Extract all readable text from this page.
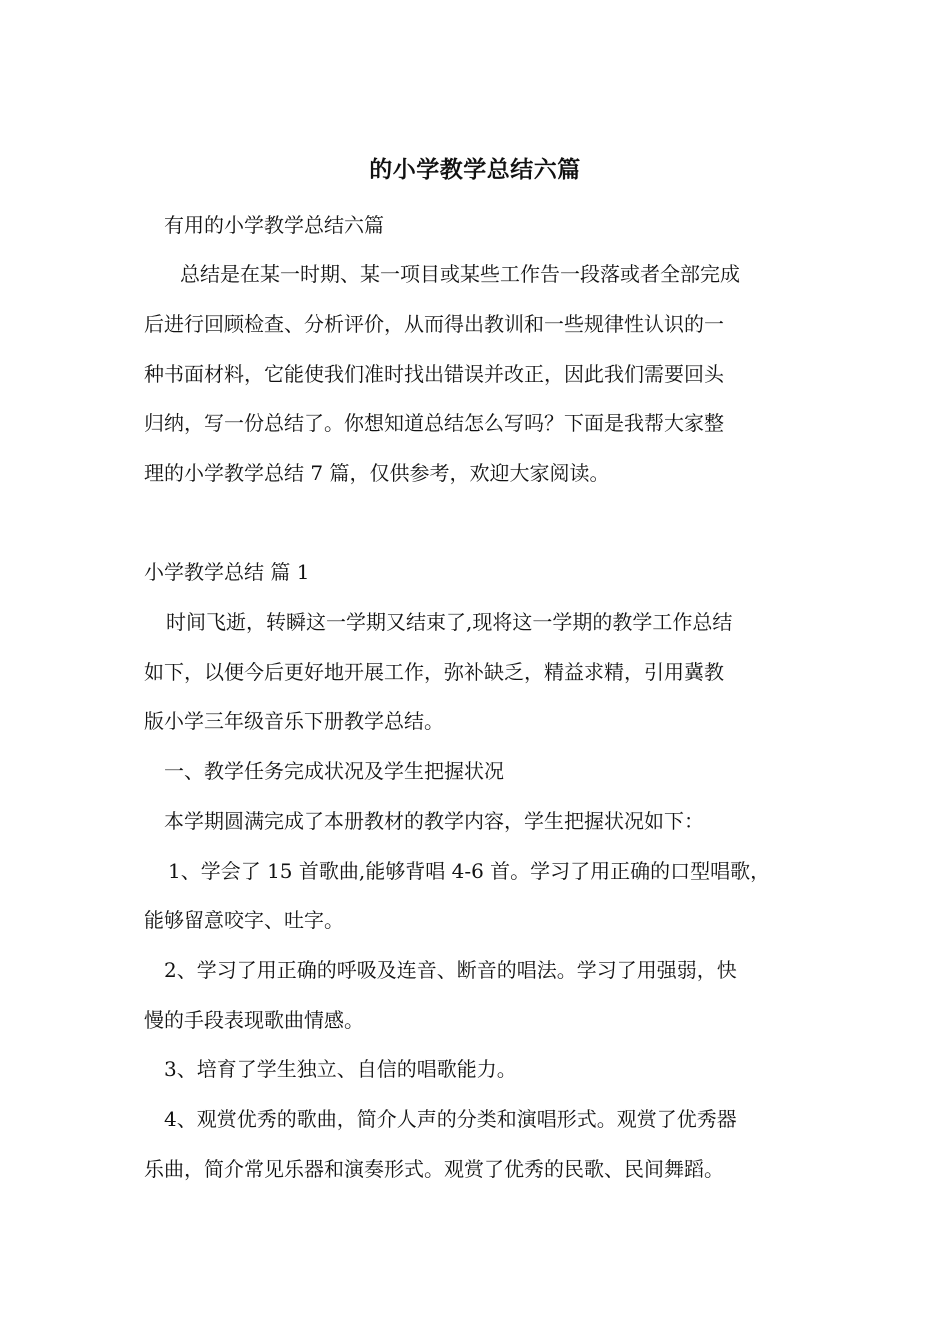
的小学教学总结六篇
有用的小学教学总结六篇
总结是在某一时期、某一项目或某些工作告一段落或者全部完成
后进行回顾检查、分析评价，从而得出教训和一些规律性认识的一
种书面材料，它能使我们准时找出错误并改正，因此我们需要回头
归纳，写一份总结了。你想知道总结怎么写吗？下面是我帮大家整
理的小学教学总结 7 篇，仅供参考，欢迎大家阅读。
小学教学总结 篇 1
时间飞逝，转瞬这一学期又结束了,现将这一学期的教学工作总结
如下，以便今后更好地开展工作，弥补缺乏，精益求精，引用冀教
版小学三年级音乐下册教学总结。
一、教学任务完成状况及学生把握状况
本学期圆满完成了本册教材的教学内容，学生把握状况如下：
1、学会了 15 首歌曲,能够背唱 4-6 首。学习了用正确的口型唱歌，
能够留意咬字、吐字。
2、学习了用正确的呼吸及连音、断音的唱法。学习了用强弱，快
慢的手段表现歌曲情感。
3、培育了学生独立、自信的唱歌能力。
4、观赏优秀的歌曲，简介人声的分类和演唱形式。观赏了优秀器
乐曲，简介常见乐器和演奏形式。观赏了优秀的民歌、民间舞蹈。
